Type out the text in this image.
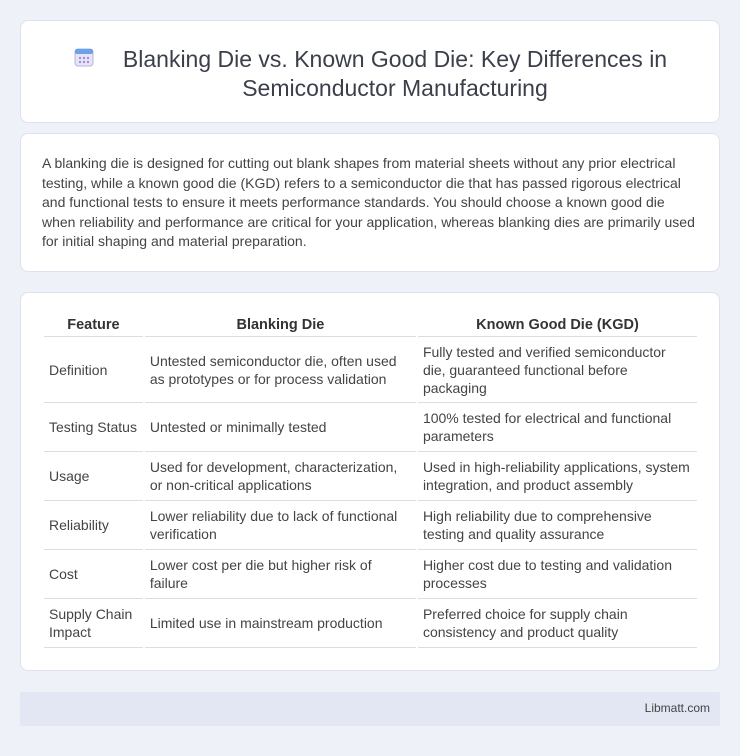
Blanking Die vs. Known Good Die: Key Differences in Semiconductor Manufacturing

A blanking die is designed for cutting out blank shapes from material sheets without any prior electrical testing, while a known good die (KGD) refers to a semiconductor die that has passed rigorous electrical and functional tests to ensure it meets performance standards. You should choose a known good die when reliability and performance are critical for your application, whereas blanking dies are primarily used for initial shaping and material preparation.

Feature	Blanking Die	Known Good Die (KGD)
Definition	Untested semiconductor die, often used as prototypes or for process validation	Fully tested and verified semiconductor die, guaranteed functional before packaging
Testing Status	Untested or minimally tested	100% tested for electrical and functional parameters
Usage	Used for development, characterization, or non-critical applications	Used in high-reliability applications, system integration, and product assembly
Reliability	Lower reliability due to lack of functional verification	High reliability due to comprehensive testing and quality assurance
Cost	Lower cost per die but higher risk of failure	Higher cost due to testing and validation processes
Supply Chain Impact	Limited use in mainstream production	Preferred choice for supply chain consistency and product quality
Libmatt.com
